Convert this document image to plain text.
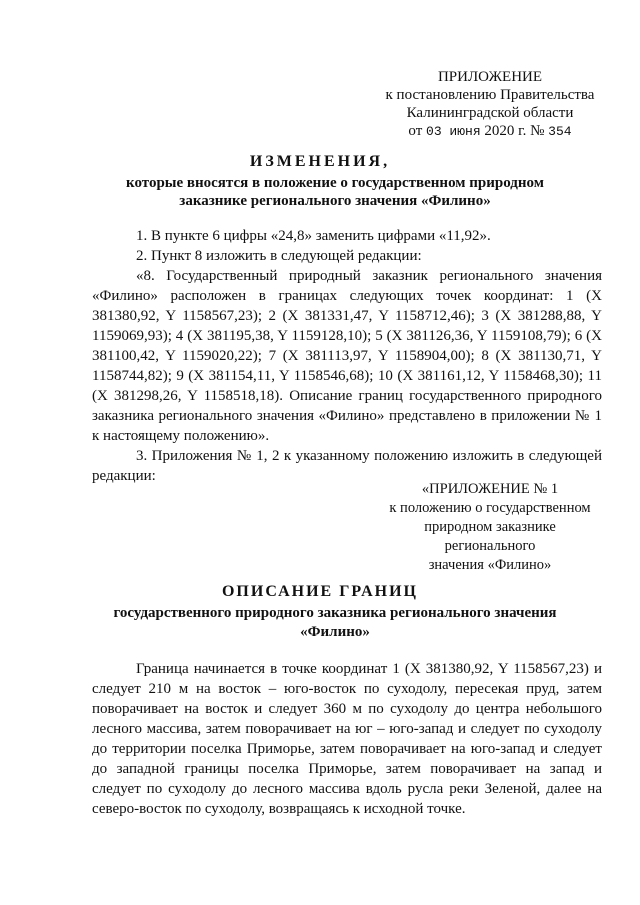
ПРИЛОЖЕНИЕ
к постановлению Правительства
Калининградской области
от 03 июня 2020 г. № 354
ИЗМЕНЕНИЯ,
которые вносятся в положение о государственном природном заказнике регионального значения «Филино»

1. В пункте 6 цифры «24,8» заменить цифрами «11,92».

2. Пункт 8 изложить в следующей редакции:

«8. Государственный природный заказник регионального значения «Филино» расположен в границах следующих точек координат: 1 (X 381380,92, Y 1158567,23); 2 (X 381331,47, Y 1158712,46); 3 (X 381288,88, Y 1159069,93); 4 (X 381195,38, Y 1159128,10); 5 (X 381126,36, Y 1159108,79); 6 (X 381100,42, Y 1159020,22); 7 (X 381113,97, Y 1158904,00); 8 (X 381130,71, Y 1158744,82); 9 (X 381154,11, Y 1158546,68); 10 (X 381161,12, Y 1158468,30); 11 (X 381298,26, Y 1158518,18). Описание границ государственного природного заказника регионального значения «Филино» представлено в приложении № 1 к настоящему положению».

3. Приложения № 1, 2 к указанному положению изложить в следующей редакции:

«ПРИЛОЖЕНИЕ № 1
к положению о государственном
природном заказнике
регионального
значения «Филино»
ОПИСАНИЕ ГРАНИЦ
государственного природного заказника регионального значения «Филино»

Граница начинается в точке координат 1 (X 381380,92, Y 1158567,23) и следует 210 м на восток – юго-восток по суходолу, пересекая пруд, затем поворачивает на восток и следует 360 м по суходолу до центра небольшого лесного массива, затем поворачивает на юг – юго-запад и следует по суходолу до территории поселка Приморье, затем поворачивает на юго-запад и следует до западной границы поселка Приморье, затем поворачивает на запад и следует по суходолу до лесного массива вдоль русла реки Зеленой, далее на северо-восток по суходолу, возвращаясь к исходной точке.
